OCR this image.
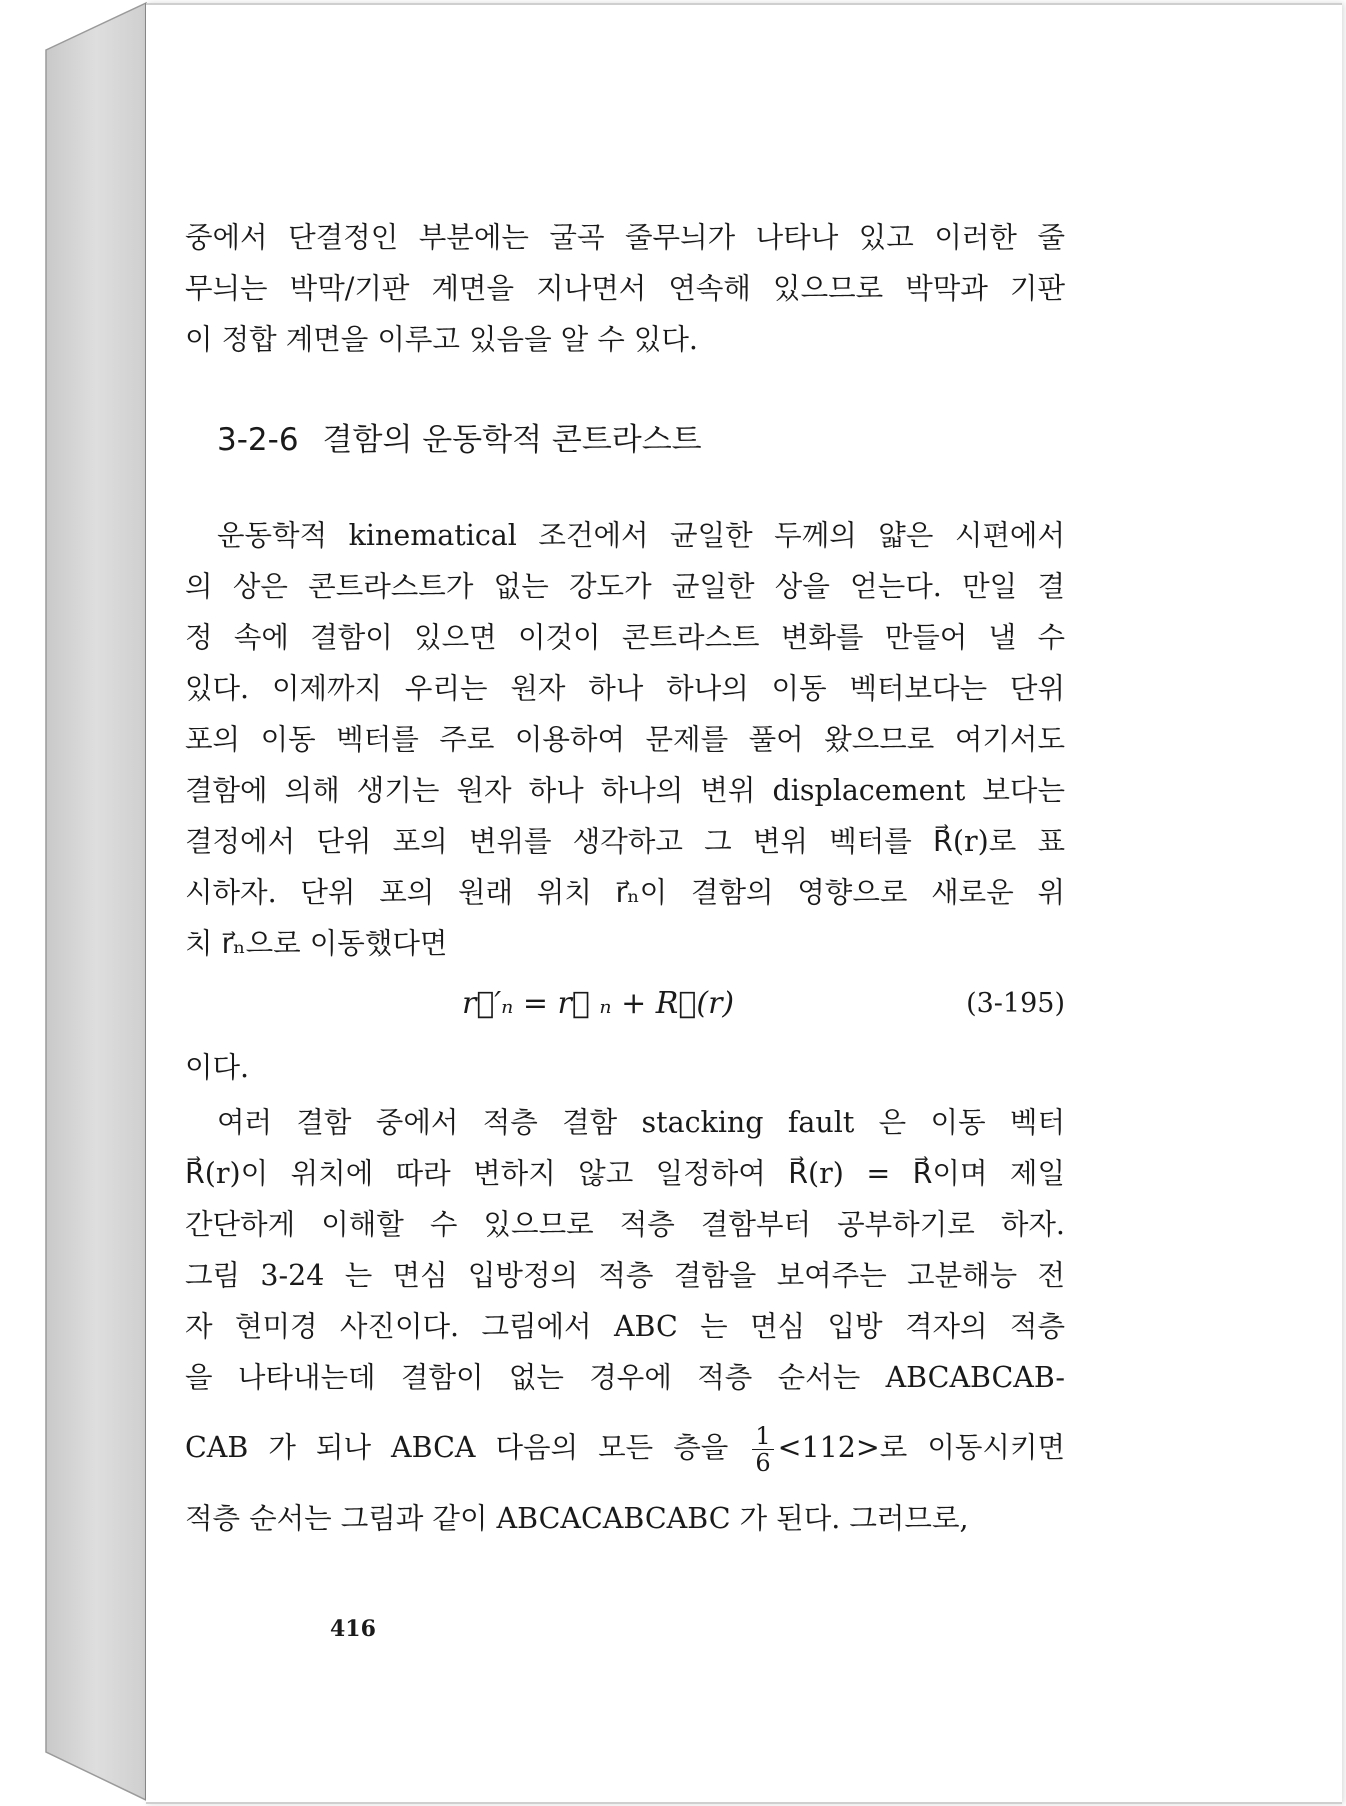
중에서 단결정인 부분에는 굴곡 줄무늬가 나타나 있고 이러한 줄
무늬는 박막/기판 계면을 지나면서 연속해 있으므로 박막과 기판
이 정합 계면을 이루고 있음을 알 수 있다.
3-2-6 결함의 운동학적 콘트라스트
운동학적 kinematical 조건에서 균일한 두께의 얇은 시편에서
의 상은 콘트라스트가 없는 강도가 균일한 상을 얻는다. 만일 결
정 속에 결함이 있으면 이것이 콘트라스트 변화를 만들어 낼 수
있다. 이제까지 우리는 원자 하나 하나의 이동 벡터보다는 단위
포의 이동 벡터를 주로 이용하여 문제를 풀어 왔으므로 여기서도
결함에 의해 생기는 원자 하나 하나의 변위 displacement 보다는
결정에서 단위 포의 변위를 생각하고 그 변위 벡터를 R⃗(r)로 표
시하자. 단위 포의 원래 위치 r⃗ₙ이 결함의 영향으로 새로운 위
치 r⃗ₙ으로 이동했다면
r⃗′ₙ = r⃗ ₙ + R⃗(r)	(3-195)
이다.
여러 결함 중에서 적층 결함 stacking fault 은 이동 벡터
R⃗(r)이 위치에 따라 변하지 않고 일정하여 R⃗(r) = R⃗이며 제일
간단하게 이해할 수 있으므로 적층 결함부터 공부하기로 하자.
그림 3-24 는 면심 입방정의 적층 결함을 보여주는 고분해능 전
자 현미경 사진이다. 그림에서 ABC 는 면심 입방 격자의 적층
을 나타내는데 결함이 없는 경우에 적층 순서는 ABCABCAB-
CAB 가 되나 ABCA 다음의 모든 층을 $\frac{1}{6} <112>$로 이동시키면
적층 순서는 그림과 같이 ABCACABCABC 가 된다. 그러므로,
416
